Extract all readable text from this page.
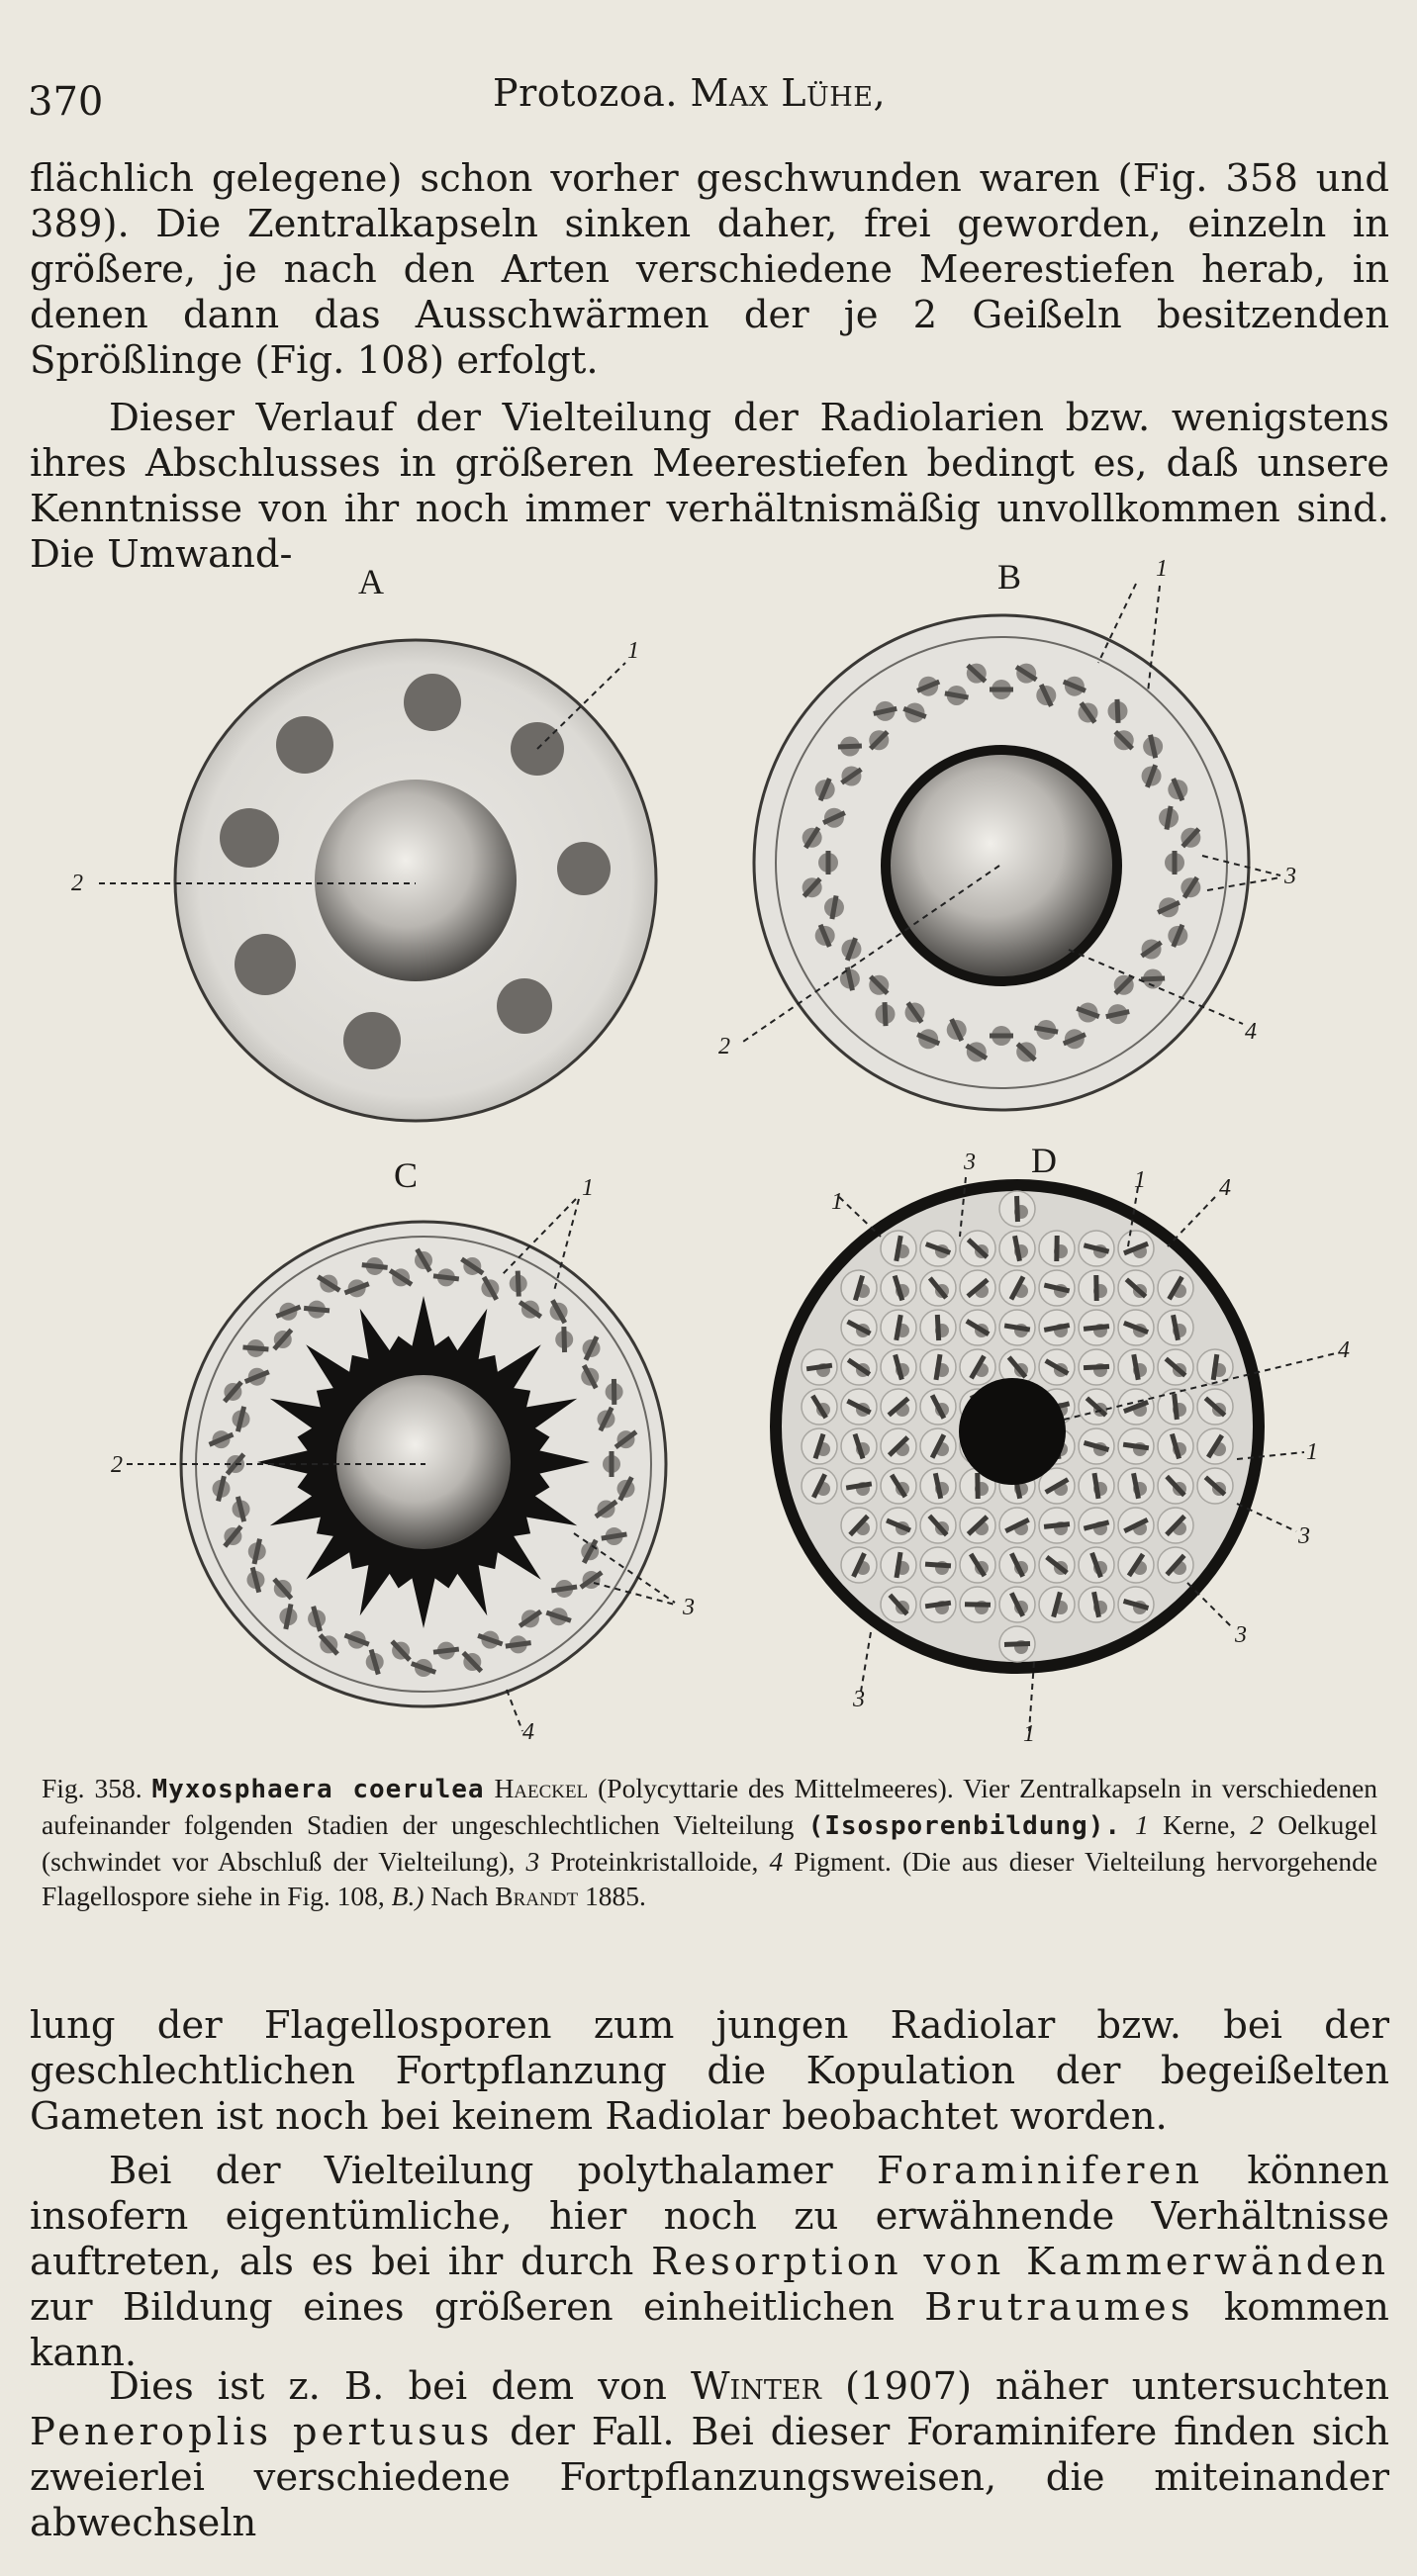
370	Protozoa. Max Lühe,

flächlich gelegene) schon vorher geschwunden waren (Fig. 358 und 389). Die Zentralkapseln sinken daher, frei geworden, einzeln in größere, je nach den Arten verschiedene Meerestiefen herab, in denen dann das Ausschwärmen der je 2 Geißeln besitzenden Sprößlinge (Fig. 108) erfolgt.

Dieser Verlauf der Vielteilung der Radiolarien bzw. wenigstens ihres Abschlusses in größeren Meerestiefen bedingt es, daß unsere Kenntnisse von ihr noch immer verhältnismäßig unvollkommen sind. Die Umwand-

A	B
C	D
1
2
1
3
4
2
1
2
3
4
3
1
1	4
4
1
3
3
3
1
Fig. 358. Myxosphaera coerulea Haeckel (Polycyttarie des Mittelmeeres). Vier Zentralkapseln in verschiedenen aufeinander folgenden Stadien der ungeschlechtlichen Vielteilung (Isosporenbildung). 1 Kerne, 2 Oelkugel (schwindet vor Abschluß der Vielteilung), 3 Proteinkristalloide, 4 Pigment. (Die aus dieser Vielteilung hervorgehende Flagellospore siehe in Fig. 108, B.) Nach Brandt 1885.

lung der Flagellosporen zum jungen Radiolar bzw. bei der geschlechtlichen Fortpflanzung die Kopulation der begeißelten Gameten ist noch bei keinem Radiolar beobachtet worden.

Bei der Vielteilung polythalamer Foraminiferen können insofern eigentümliche, hier noch zu erwähnende Verhältnisse auftreten, als es bei ihr durch Resorption von Kammerwänden zur Bildung eines größeren einheitlichen Brutraumes kommen kann.

Dies ist z. B. bei dem von Winter (1907) näher untersuchten Peneroplis pertusus der Fall. Bei dieser Foraminifere finden sich zweierlei verschiedene Fortpflanzungsweisen, die miteinander abwechseln
